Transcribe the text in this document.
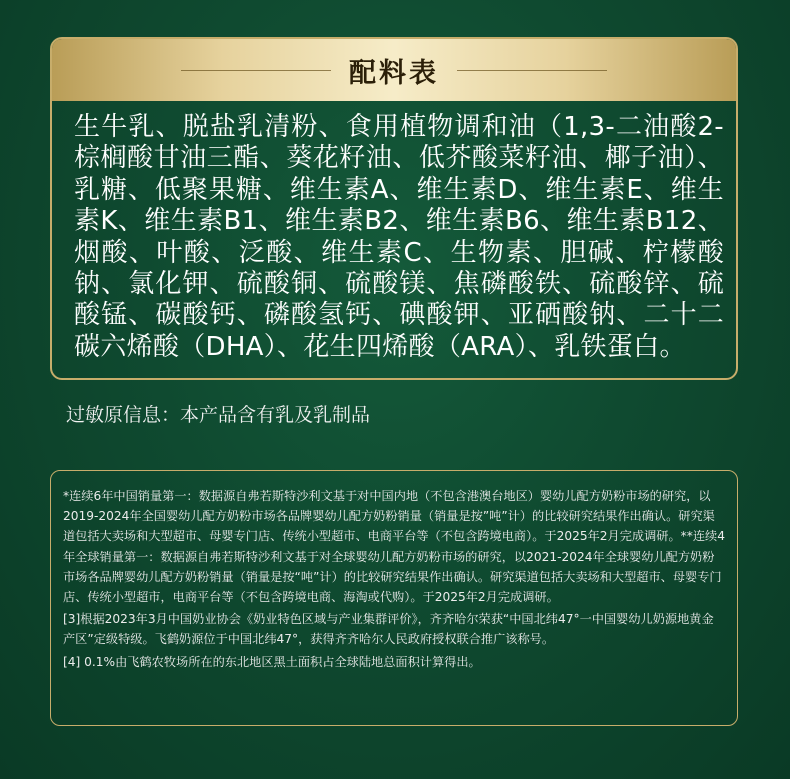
配料表

生牛乳、脱盐乳清粉、食用植物调和油（1,3-二油酸2-棕榈酸甘油三酯、葵花籽油、低芥酸菜籽油、椰子油）、乳糖、低聚果糖、维生素A、维生素D、维生素E、维生素K、维生素B1、维生素B2、维生素B6、维生素B12、烟酸、叶酸、泛酸、维生素C、生物素、胆碱、柠檬酸钠、氯化钾、硫酸铜、硫酸镁、焦磷酸铁、硫酸锌、硫酸锰、碳酸钙、磷酸氢钙、碘酸钾、亚硒酸钠、二十二碳六烯酸（DHA）、花生四烯酸（ARA）、乳铁蛋白。

过敏原信息：本产品含有乳及乳制品

*连续6年中国销量第一：数据源自弗若斯特沙利文基于对中国内地（不包含港澳台地区）婴幼儿配方奶粉市场的研究，以2019-2024年全国婴幼儿配方奶粉市场各品牌婴幼儿配方奶粉销量（销量是按”吨”计）的比较研究结果作出确认。研究渠道包括大卖场和大型超市、母婴专门店、传统小型超市、电商平台等（不包含跨境电商）。于2025年2月完成调研。**连续4年全球销量第一：数据源自弗若斯特沙利文基于对全球婴幼儿配方奶粉市场的研究，以2021-2024年全球婴幼儿配方奶粉市场各品牌婴幼儿配方奶粉销量（销量是按“吨”计）的比较研究结果作出确认。研究渠道包括大卖场和大型超市、母婴专门店、传统小型超市，电商平台等（不包含跨境电商、海淘或代购）。于2025年2月完成调研。

[3]根据2023年3月中国奶业协会《奶业特色区域与产业集群评价》，齐齐哈尔荣获“中国北纬47°一中国婴幼儿奶源地黄金产区”定级特级。飞鹤奶源位于中国北纬47°，获得齐齐哈尔人民政府授权联合推广该称号。

[4] 0.1%由飞鹤农牧场所在的东北地区黑土面积占全球陆地总面积计算得出。
